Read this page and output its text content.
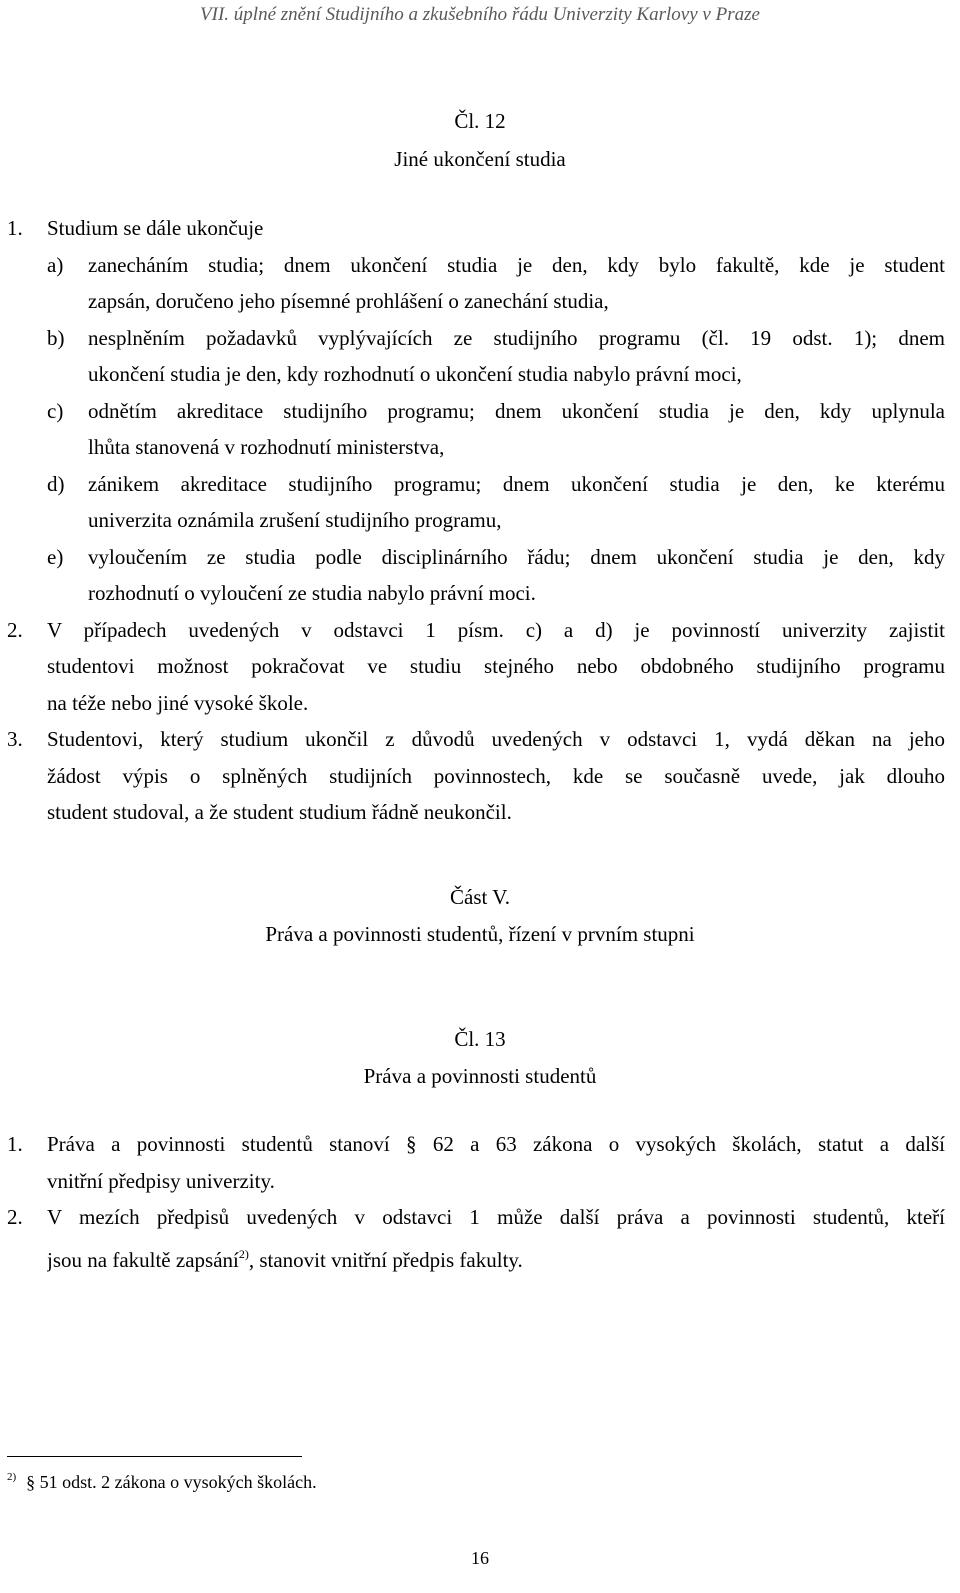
VII. úplné znění Studijního a zkušebního řádu Univerzity Karlovy v Praze
Čl. 12
Jiné ukončení studia
1. Studium se dále ukončuje
a) zanecháním studia; dnem ukončení studia je den, kdy bylo fakultě, kde je student
zapsán, doručeno jeho písemné prohlášení o zanechání studia,
b) nesplněním požadavků vyplývajících ze studijního programu (čl. 19 odst. 1); dnem
ukončení studia je den, kdy rozhodnutí o ukončení studia nabylo právní moci,
c) odnětím akreditace studijního programu; dnem ukončení studia je den, kdy uplynula
lhůta stanovená v rozhodnutí ministerstva,
d) zánikem akreditace studijního programu; dnem ukončení studia je den, ke kterému
univerzita oznámila zrušení studijního programu,
e) vyloučením ze studia podle disciplinárního řádu; dnem ukončení studia je den, kdy
rozhodnutí o vyloučení ze studia nabylo právní moci.
2. V případech uvedených v odstavci 1 písm. c) a d) je povinností univerzity zajistit
studentovi možnost pokračovat ve studiu stejného nebo obdobného studijního programu
na téže nebo jiné vysoké škole.
3. Studentovi, který studium ukončil z důvodů uvedených v odstavci 1, vydá děkan na jeho
žádost výpis o splněných studijních povinnostech, kde se současně uvede, jak dlouho
student studoval, a že student studium řádně neukončil.
Část V.
Práva a povinnosti studentů, řízení v prvním stupni
Čl. 13
Práva a povinnosti studentů
1. Práva a povinnosti studentů stanoví § 62 a 63 zákona o vysokých školách, statut a další
vnitřní předpisy univerzity.
2. V mezích předpisů uvedených v odstavci 1 může další práva a povinnosti studentů, kteří
jsou na fakultě zapsání$^{2)}$, stanovit vnitřní předpis fakulty.
$^{2)}$ § 51 odst. 2 zákona o vysokých školách.
16
